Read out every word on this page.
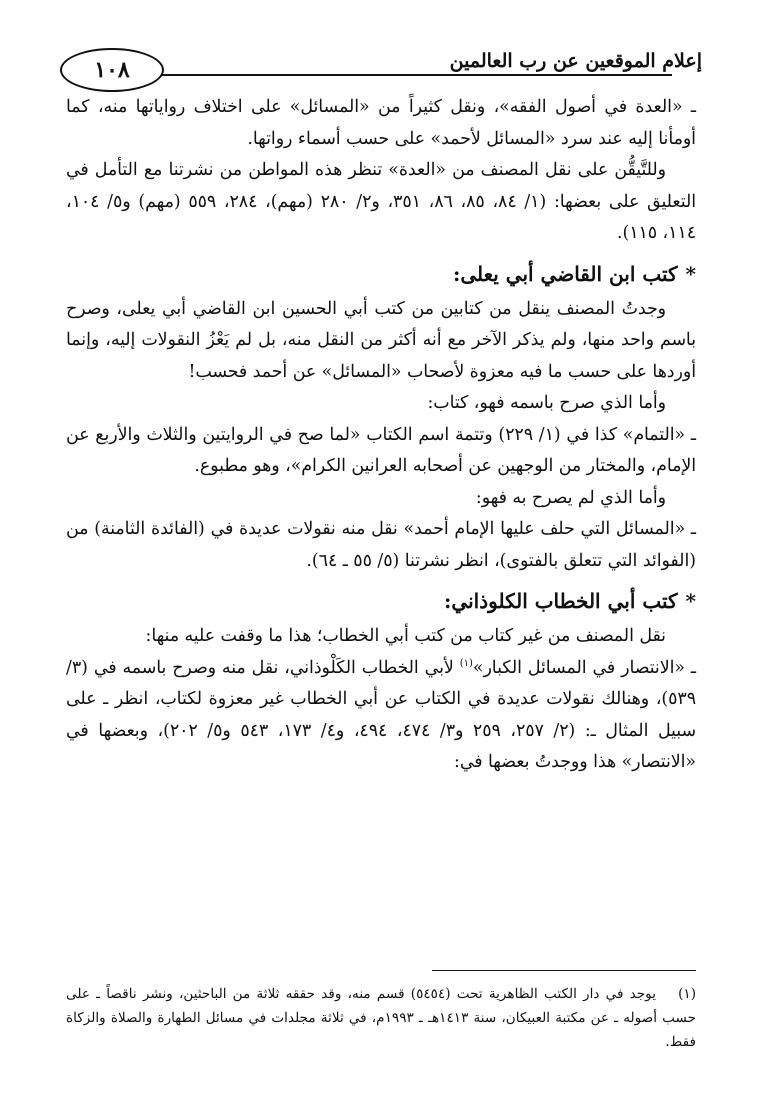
١٠٨	إعلام الموقعين عن رب العالمين

ـ «العدة في أصول الفقه»، ونقل كثيراً من «المسائل» على اختلاف رواياتها منه، كما أومأنا إليه عند سرد «المسائل لأحمد» على حسب أسماء رواتها.

وللتَّيقُّن على نقل المصنف من «العدة» تنظر هذه المواطن من نشرتنا مع التأمل في التعليق على بعضها: (١/ ٨٤، ٨٥، ٨٦، ٣٥١، و٢/ ٢٨٠ (مهم)، ٢٨٤، ٥٥٩ (مهم) و٥/ ١٠٤، ١١٤، ١١٥).

*كتب ابن القاضي أبي يعلى:

وجدتُ المصنف ينقل من كتابين من كتب أبي الحسين ابن القاضي أبي يعلى، وصرح باسم واحد منها، ولم يذكر الآخر مع أنه أكثر من النقل منه، بل لم يَعْزُ النقولات إليه، وإنما أوردها على حسب ما فيه معزوة لأصحاب «المسائل» عن أحمد فحسب!

وأما الذي صرح باسمه فهو، كتاب:

ـ «التمام» كذا في (١/ ٢٢٩) وتتمة اسم الكتاب «لما صح في الروايتين والثلاث والأربع عن الإمام، والمختار من الوجهين عن أصحابه العرانين الكرام»، وهو مطبوع.

وأما الذي لم يصرح به فهو:

ـ «المسائل التي حلف عليها الإمام أحمد» نقل منه نقولات عديدة في (الفائدة الثامنة) من (الفوائد التي تتعلق بالفتوى)، انظر نشرتنا (٥/ ٥٥ ـ ٦٤).

*كتب أبي الخطاب الكلوذاني:

نقل المصنف من غير كتاب من كتب أبي الخطاب؛ هذا ما وقفت عليه منها:

ـ «الانتصار في المسائل الكبار»$^{(١)}$ لأبي الخطاب الكَلْوذاني، نقل منه وصرح باسمه في (٣/ ٥٣٩)، وهنالك نقولات عديدة في الكتاب عن أبي الخطاب غير معزوة لكتاب، انظر ـ على سبيل المثال ـ: (٢/ ٢٥٧، ٢٥٩ و٣/ ٤٧٤، ٤٩٤، و٤/ ١٧٣، ٥٤٣ و٥/ ٢٠٢)، وبعضها في «الانتصار» هذا ووجدتُ بعضها في:

(١)يوجد في دار الكتب الظاهرية تحت (٥٤٥٤) قسم منه، وقد حققه ثلاثة من الباحثين، ونشر ناقصاً ـ على حسب أصوله ـ عن مكتبة العبيكان، سنة ١٤١٣هـ ـ ١٩٩٣م، في ثلاثة مجلدات في مسائل الطهارة والصلاة والزكاة فقط.
